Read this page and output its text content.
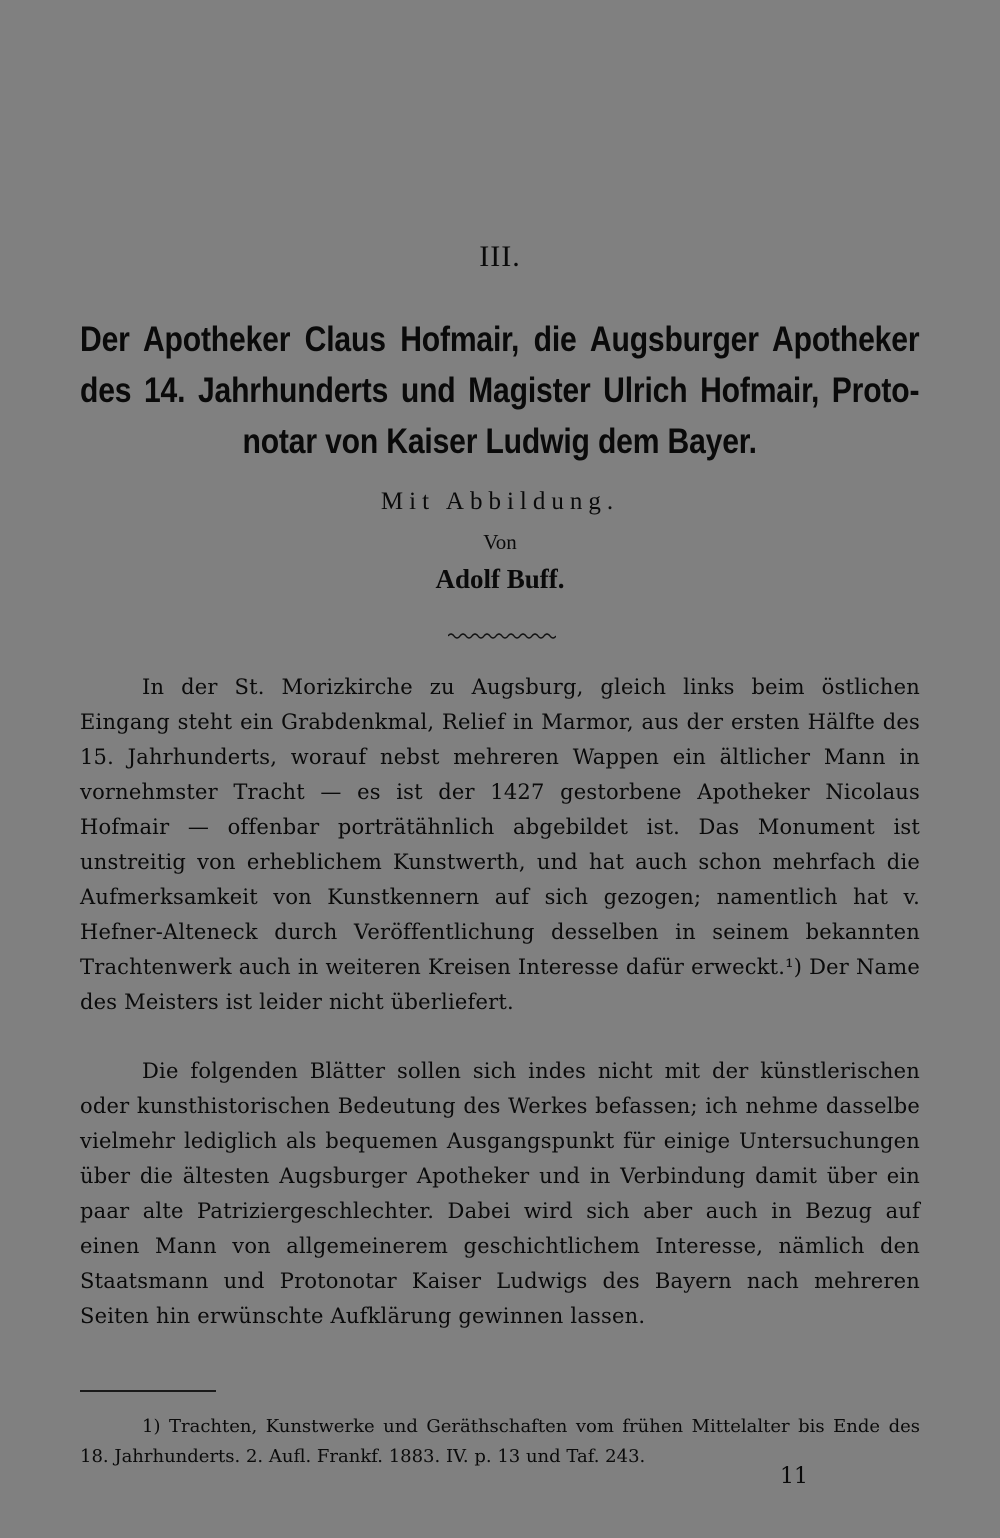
III.
Der Apotheker Claus Hofmair, die Augsburger Apotheker
des 14. Jahrhunderts und Magister Ulrich Hofmair, Proto-
notar von Kaiser Ludwig dem Bayer.
Mit Abbildung.
Von
Adolf Buff.

In der St. Morizkirche zu Augsburg, gleich links beim östlichen Eingang steht ein Grabdenkmal, Relief in Marmor, aus der ersten Hälfte des 15. Jahrhunderts, worauf nebst mehreren Wappen ein ältlicher Mann in vornehmster Tracht — es ist der 1427 gestorbene Apotheker Nicolaus Hofmair — offenbar porträtähnlich abgebildet ist. Das Monument ist unstreitig von erheblichem Kunstwerth, und hat auch schon mehrfach die Aufmerksamkeit von Kunstkennern auf sich gezogen; namentlich hat v. Hefner-Alteneck durch Veröffentlichung desselben in seinem bekannten Trachtenwerk auch in weiteren Kreisen Interesse dafür erweckt.¹) Der Name des Meisters ist leider nicht überliefert.

Die folgenden Blätter sollen sich indes nicht mit der künstlerischen oder kunsthistorischen Bedeutung des Werkes befassen; ich nehme dasselbe vielmehr lediglich als bequemen Ausgangspunkt für einige Untersuchungen über die ältesten Augsburger Apotheker und in Verbindung damit über ein paar alte Patriziergeschlechter. Dabei wird sich aber auch in Bezug auf einen Mann von allgemeinerem geschichtlichem Interesse, nämlich den Staatsmann und Protonotar Kaiser Ludwigs des Bayern nach mehreren Seiten hin erwünschte Aufklärung gewinnen lassen.

1) Trachten, Kunstwerke und Geräthschaften vom frühen Mittelalter bis Ende des 18. Jahrhunderts. 2. Aufl. Frankf. 1883. IV. p. 13 und Taf. 243.

11
